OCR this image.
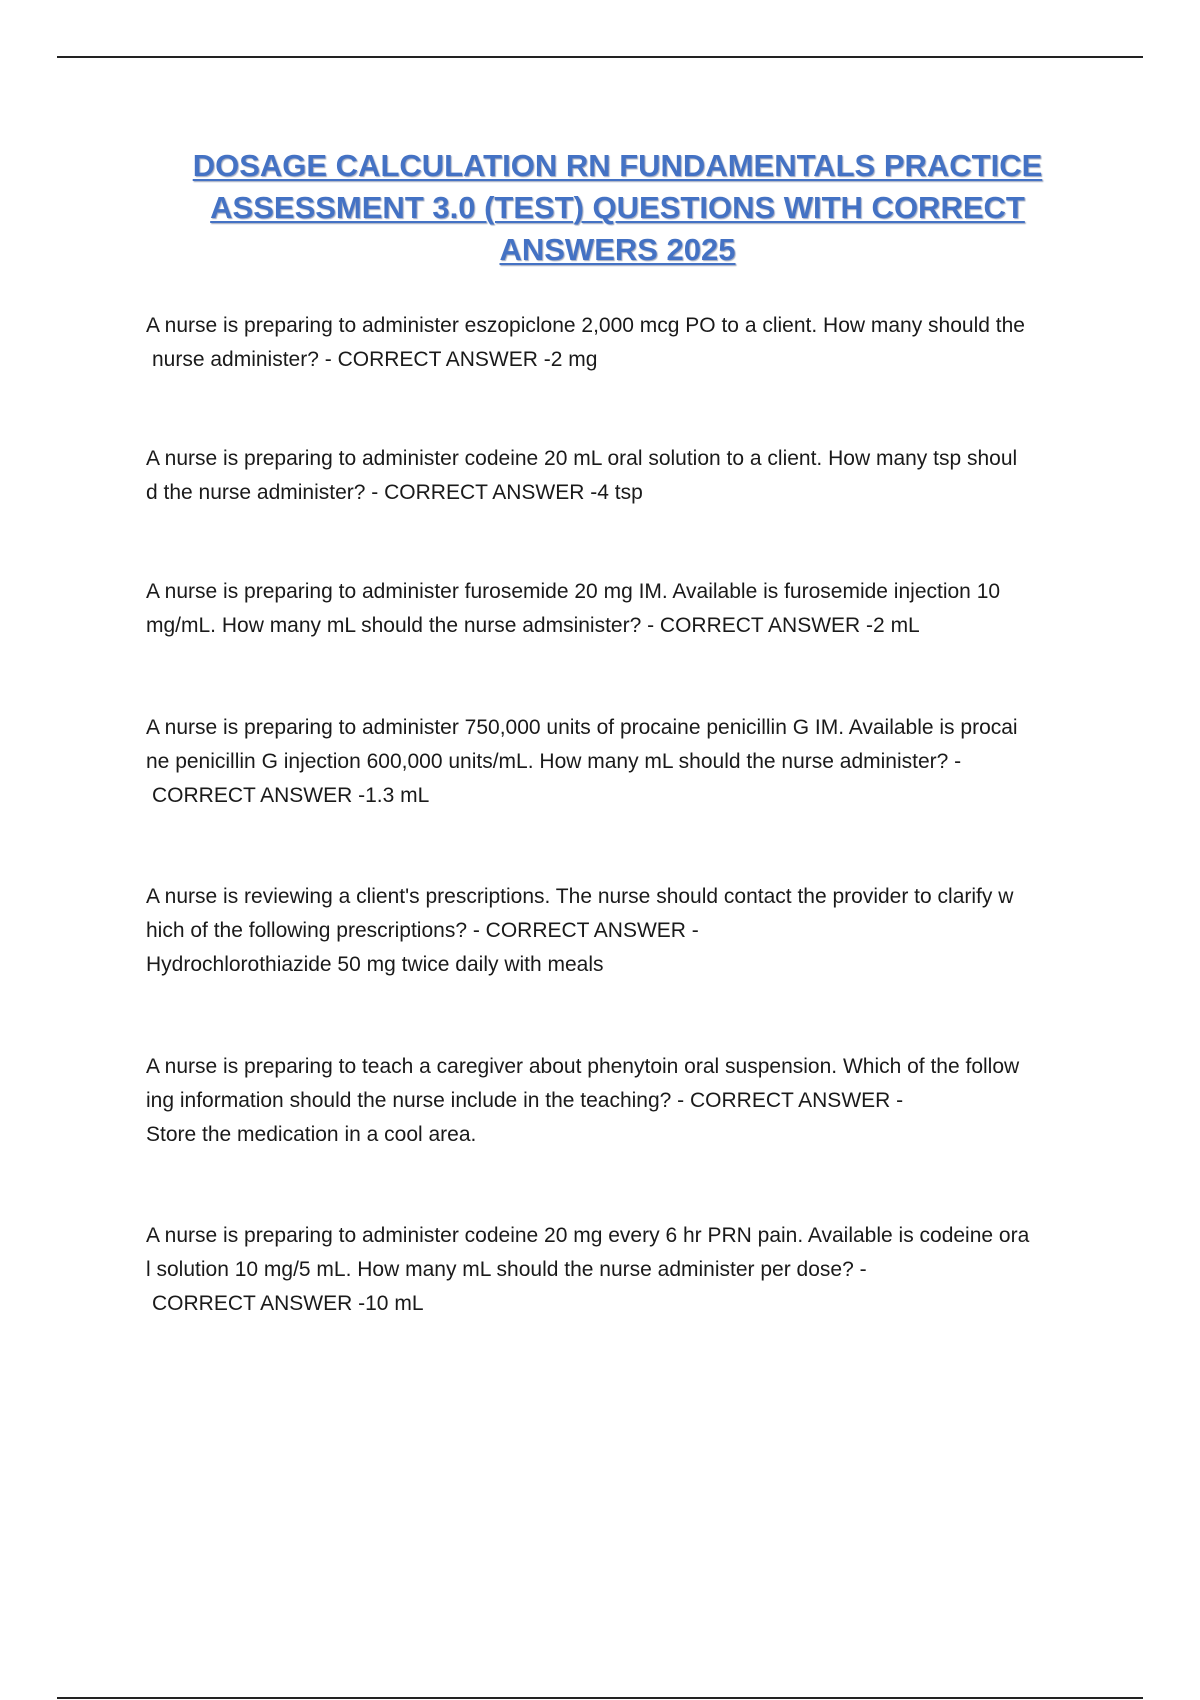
DOSAGE CALCULATION RN FUNDAMENTALS PRACTICE ASSESSMENT 3.0 (TEST) QUESTIONS WITH CORRECT ANSWERS 2025
A nurse is preparing to administer eszopiclone 2,000 mcg PO to a client. How many should the
nurse administer? - CORRECT ANSWER -2 mg
A nurse is preparing to administer codeine 20 mL oral solution to a client. How many tsp shoul
d the nurse administer? - CORRECT ANSWER -4 tsp
A nurse is preparing to administer furosemide 20 mg IM. Available is furosemide injection 10
mg/mL. How many mL should the nurse admsinister? - CORRECT ANSWER -2 mL
A nurse is preparing to administer 750,000 units of procaine penicillin G IM. Available is procai
ne penicillin G injection 600,000 units/mL. How many mL should the nurse administer? -
CORRECT ANSWER -1.3 mL
A nurse is reviewing a client's prescriptions. The nurse should contact the provider to clarify w
hich of the following prescriptions? - CORRECT ANSWER -
Hydrochlorothiazide 50 mg twice daily with meals
A nurse is preparing to teach a caregiver about phenytoin oral suspension. Which of the follow
ing information should the nurse include in the teaching? - CORRECT ANSWER -
Store the medication in a cool area.
A nurse is preparing to administer codeine 20 mg every 6 hr PRN pain. Available is codeine ora
l solution 10 mg/5 mL. How many mL should the nurse administer per dose? -
CORRECT ANSWER -10 mL
